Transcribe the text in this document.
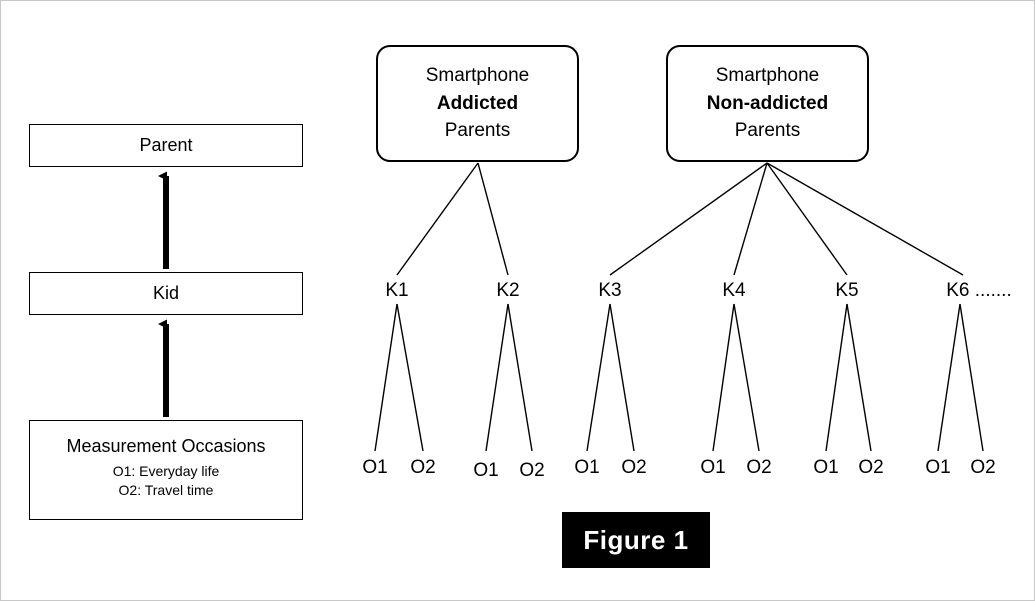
Parent
Kid
Measurement Occasions
O1: Everyday life
O2: Travel time
Smartphone
Addicted
Parents
Smartphone
Non-addicted
Parents
K1	K2	K3	K4	K5	K6 .......
O1 O2 O1 O2 O1 O2	O1 O2 O1 O2 O1 O2
Figure 1
